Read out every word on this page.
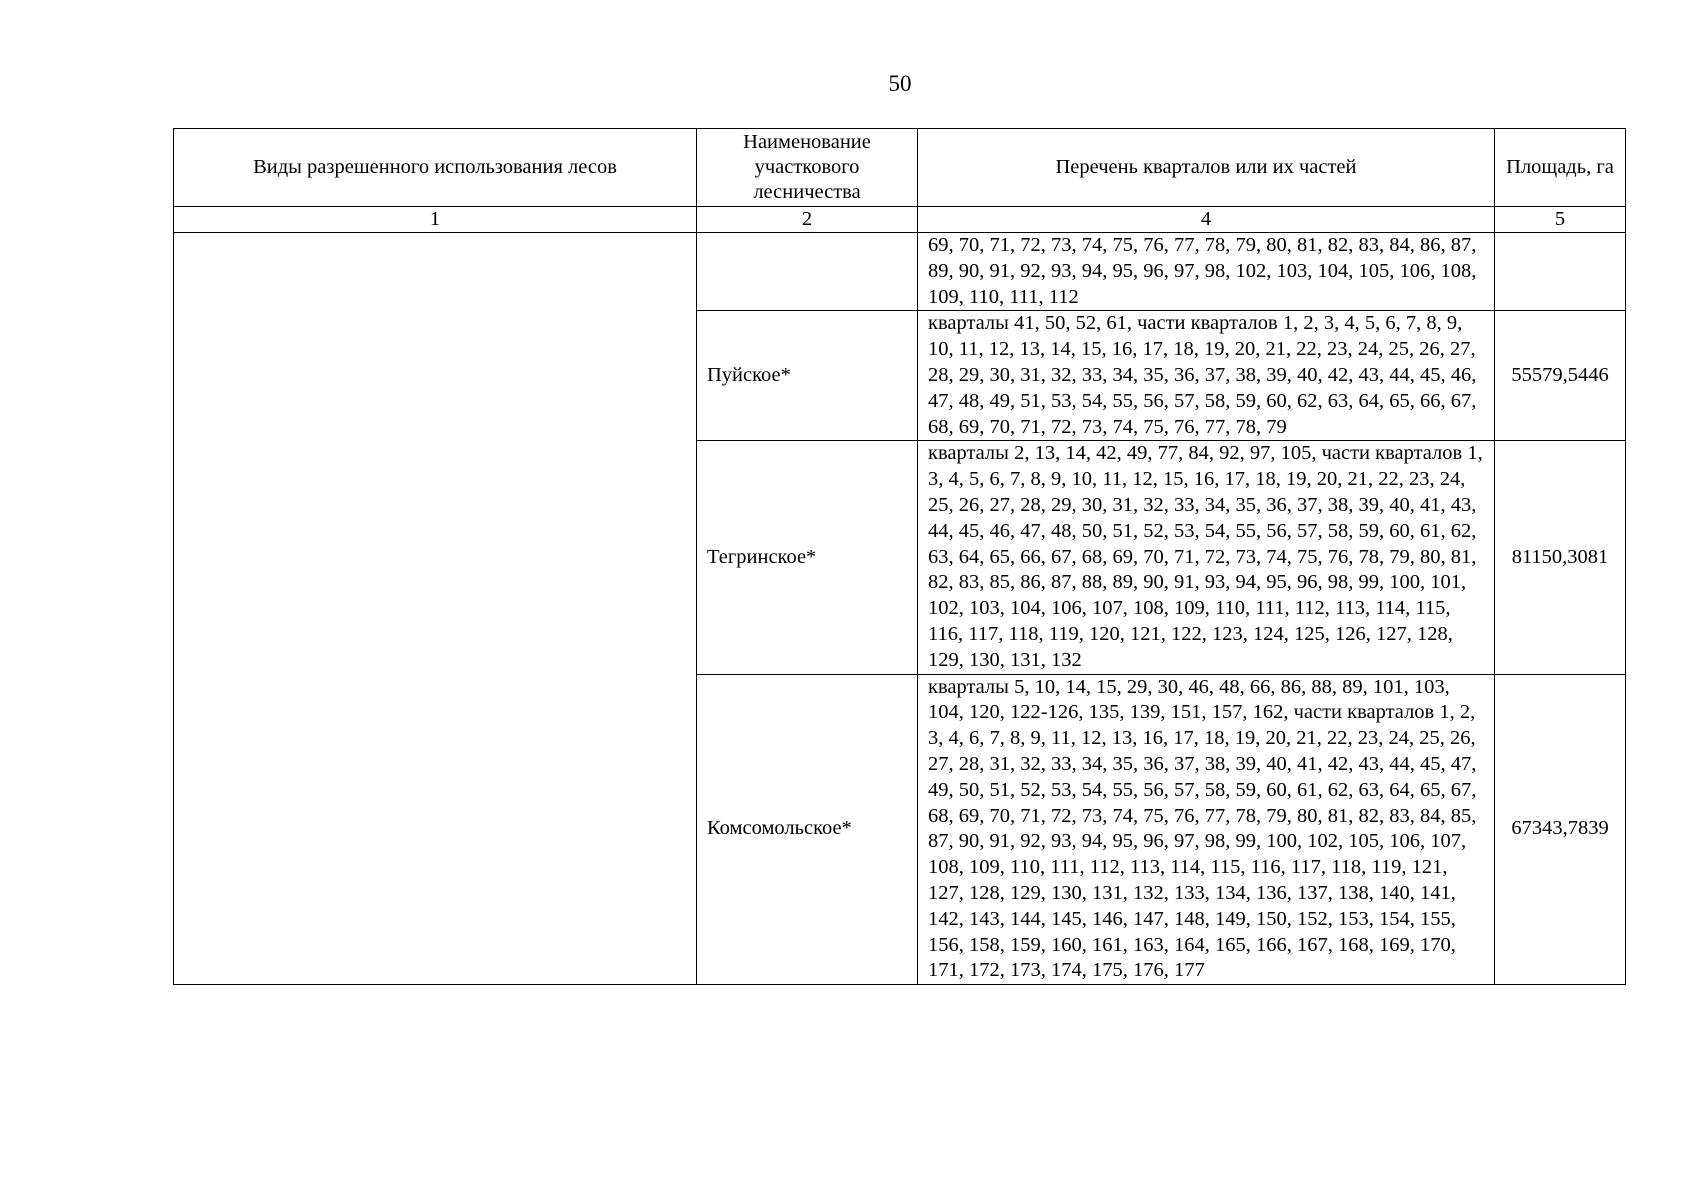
50
Виды разрешенного использования лесов	Наименование участкового лесничества	Перечень кварталов или их частей	Площадь, га
1	2	4	5
		69, 70, 71, 72, 73, 74, 75, 76, 77, 78, 79, 80, 81, 82, 83, 84, 86, 87, 89, 90, 91, 92, 93, 94, 95, 96, 97, 98, 102, 103, 104, 105, 106, 108, 109, 110, 111, 112	
	Пуйское*	кварталы 41, 50, 52, 61, части кварталов 1, 2, 3, 4, 5, 6, 7, 8, 9, 10, 11, 12, 13, 14, 15, 16, 17, 18, 19, 20, 21, 22, 23, 24, 25, 26, 27, 28, 29, 30, 31, 32, 33, 34, 35, 36, 37, 38, 39, 40, 42, 43, 44, 45, 46, 47, 48, 49, 51, 53, 54, 55, 56, 57, 58, 59, 60, 62, 63, 64, 65, 66, 67, 68, 69, 70, 71, 72, 73, 74, 75, 76, 77, 78, 79	55579,5446
	Тегринское*	кварталы 2, 13, 14, 42, 49, 77, 84, 92, 97, 105, части кварталов 1, 3, 4, 5, 6, 7, 8, 9, 10, 11, 12, 15, 16, 17, 18, 19, 20, 21, 22, 23, 24, 25, 26, 27, 28, 29, 30, 31, 32, 33, 34, 35, 36, 37, 38, 39, 40, 41, 43, 44, 45, 46, 47, 48, 50, 51, 52, 53, 54, 55, 56, 57, 58, 59, 60, 61, 62, 63, 64, 65, 66, 67, 68, 69, 70, 71, 72, 73, 74, 75, 76, 78, 79, 80, 81, 82, 83, 85, 86, 87, 88, 89, 90, 91, 93, 94, 95, 96, 98, 99, 100, 101, 102, 103, 104, 106, 107, 108, 109, 110, 111, 112, 113, 114, 115, 116, 117, 118, 119, 120, 121, 122, 123, 124, 125, 126, 127, 128, 129, 130, 131, 132	81150,3081
	Комсомольское*	кварталы 5, 10, 14, 15, 29, 30, 46, 48, 66, 86, 88, 89, 101, 103, 104, 120, 122-126, 135, 139, 151, 157, 162, части кварталов 1, 2, 3, 4, 6, 7, 8, 9, 11, 12, 13, 16, 17, 18, 19, 20, 21, 22, 23, 24, 25, 26, 27, 28, 31, 32, 33, 34, 35, 36, 37, 38, 39, 40, 41, 42, 43, 44, 45, 47, 49, 50, 51, 52, 53, 54, 55, 56, 57, 58, 59, 60, 61, 62, 63, 64, 65, 67, 68, 69, 70, 71, 72, 73, 74, 75, 76, 77, 78, 79, 80, 81, 82, 83, 84, 85, 87, 90, 91, 92, 93, 94, 95, 96, 97, 98, 99, 100, 102, 105, 106, 107, 108, 109, 110, 111, 112, 113, 114, 115, 116, 117, 118, 119, 121, 127, 128, 129, 130, 131, 132, 133, 134, 136, 137, 138, 140, 141, 142, 143, 144, 145, 146, 147, 148, 149, 150, 152, 153, 154, 155, 156, 158, 159, 160, 161, 163, 164, 165, 166, 167, 168, 169, 170, 171, 172, 173, 174, 175, 176, 177	67343,7839
